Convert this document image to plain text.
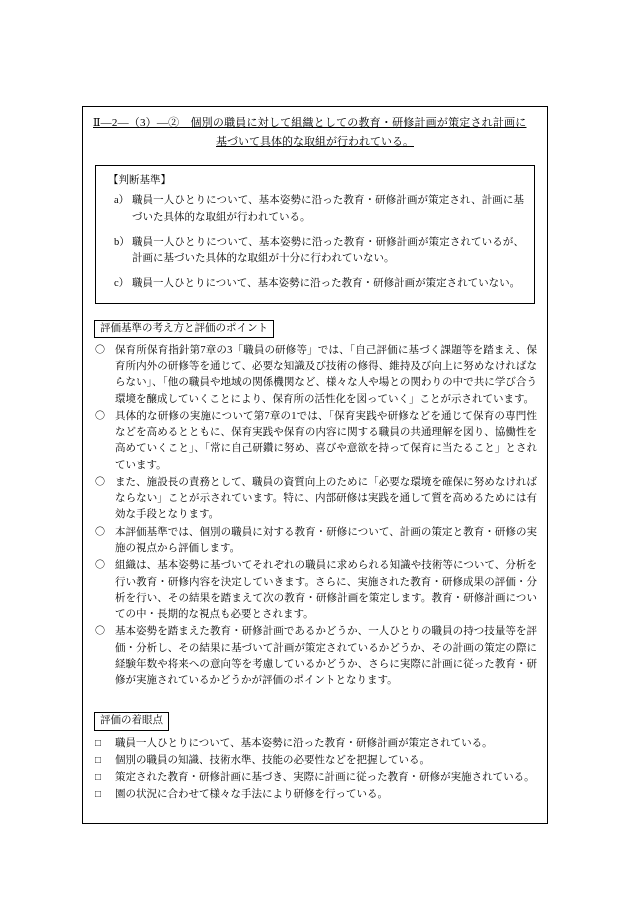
Ⅱ―2―（3）―②　個別の職員に対して組織としての教育・研修計画が策定され計画に
基づいて具体的な取組が行われている。
【判断基準】
a） 職員一人ひとりについて、基本姿勢に沿った教育・研修計画が策定され、計画に基づいた具体的な取組が行われている。
b） 職員一人ひとりについて、基本姿勢に沿った教育・研修計画が策定されているが、計画に基づいた具体的な取組が十分に行われていない。
c） 職員一人ひとりについて、基本姿勢に沿った教育・研修計画が策定されていない。
評価基準の考え方と評価のポイント
〇 保育所保育指針第7章の3「職員の研修等」では、「自己評価に基づく課題等を踏まえ、保育所内外の研修等を通じて、必要な知識及び技術の修得、維持及び向上に努めなければならない」、「他の職員や地域の関係機関など、様々な人や場との関わりの中で共に学び合う環境を醸成していくことにより、保育所の活性化を図っていく」ことが示されています。
〇 具体的な研修の実施について第7章の1では、「保育実践や研修などを通じて保育の専門性などを高めるとともに、保育実践や保育の内容に関する職員の共通理解を図り、協働性を高めていくこと」、「常に自己研鑽に努め、喜びや意欲を持って保育に当たること」とされています。
〇 また、施設長の責務として、職員の資質向上のために「必要な環境を確保に努めなければならない」ことが示されています。特に、内部研修は実践を通して質を高めるためには有効な手段となります。
〇 本評価基準では、個別の職員に対する教育・研修について、計画の策定と教育・研修の実施の視点から評価します。
〇 組織は、基本姿勢に基づいてそれぞれの職員に求められる知識や技術等について、分析を行い教育・研修内容を決定していきます。さらに、実施された教育・研修成果の評価・分析を行い、その結果を踏まえて次の教育・研修計画を策定します。教育・研修計画についての中・長期的な視点も必要とされます。
〇 基本姿勢を踏まえた教育・研修計画であるかどうか、一人ひとりの職員の持つ技量等を評価・分析し、その結果に基づいて計画が策定されているかどうか、その計画の策定の際に経験年数や将来への意向等を考慮しているかどうか、さらに実際に計画に従った教育・研修が実施されているかどうかが評価のポイントとなります。
評価の着眼点
□	職員一人ひとりについて、基本姿勢に沿った教育・研修計画が策定されている。
□	個別の職員の知識、技術水準、技能の必要性などを把握している。
□	策定された教育・研修計画に基づき、実際に計画に従った教育・研修が実施されている。
□	園の状況に合わせて様々な手法により研修を行っている。
